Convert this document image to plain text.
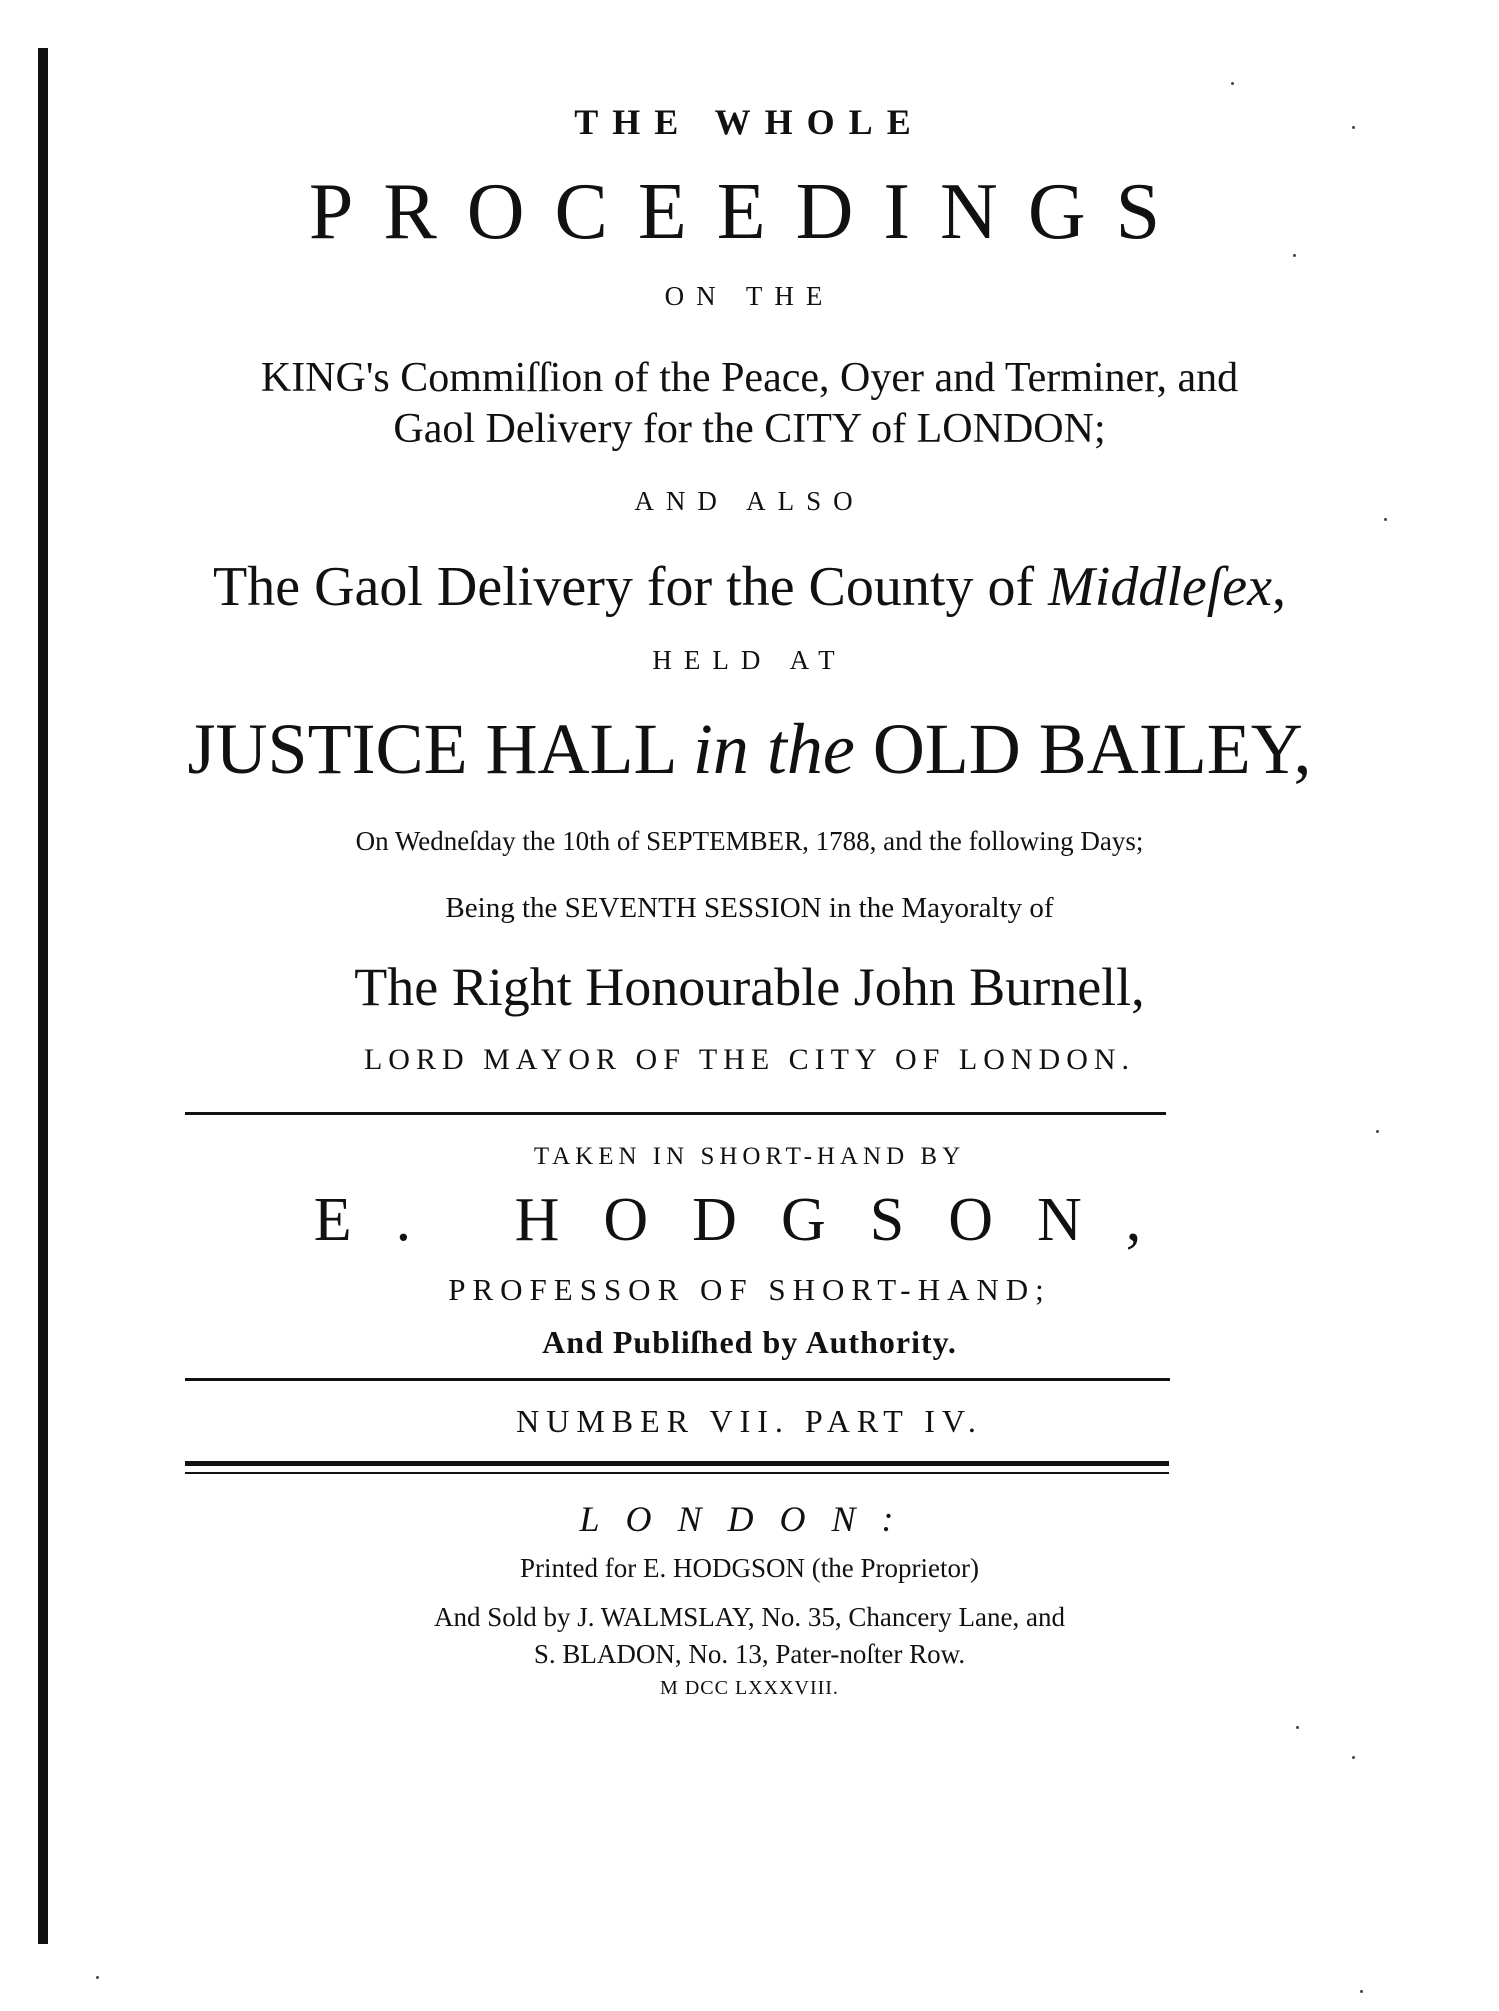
THE WHOLE
PROCEEDINGS
ON THE
KING's Commiſſion of the Peace, Oyer and Terminer, and
Gaol Delivery for the CITY of LONDON;
AND ALSO
The Gaol Delivery for the County of Middleſex,
HELD AT
JUSTICE HALL in the OLD BAILEY,
On Wedneſday the 10th of SEPTEMBER, 1788, and the following Days;
Being the SEVENTH SESSION in the Mayoralty of
The Right Honourable John Burnell,
LORD MAYOR OF THE CITY OF LONDON.
TAKEN IN SHORT-HAND BY
E. HODGSON,
PROFESSOR OF SHORT-HAND;
And Publiſhed by Authority.
NUMBER VII. PART IV.
LONDON:
Printed for E. HODGSON (the Proprietor)
And Sold by J. WALMSLAY, No. 35, Chancery Lane, and
S. BLADON, No. 13, Pater-noſter Row.
M DCC LXXXVIII.
